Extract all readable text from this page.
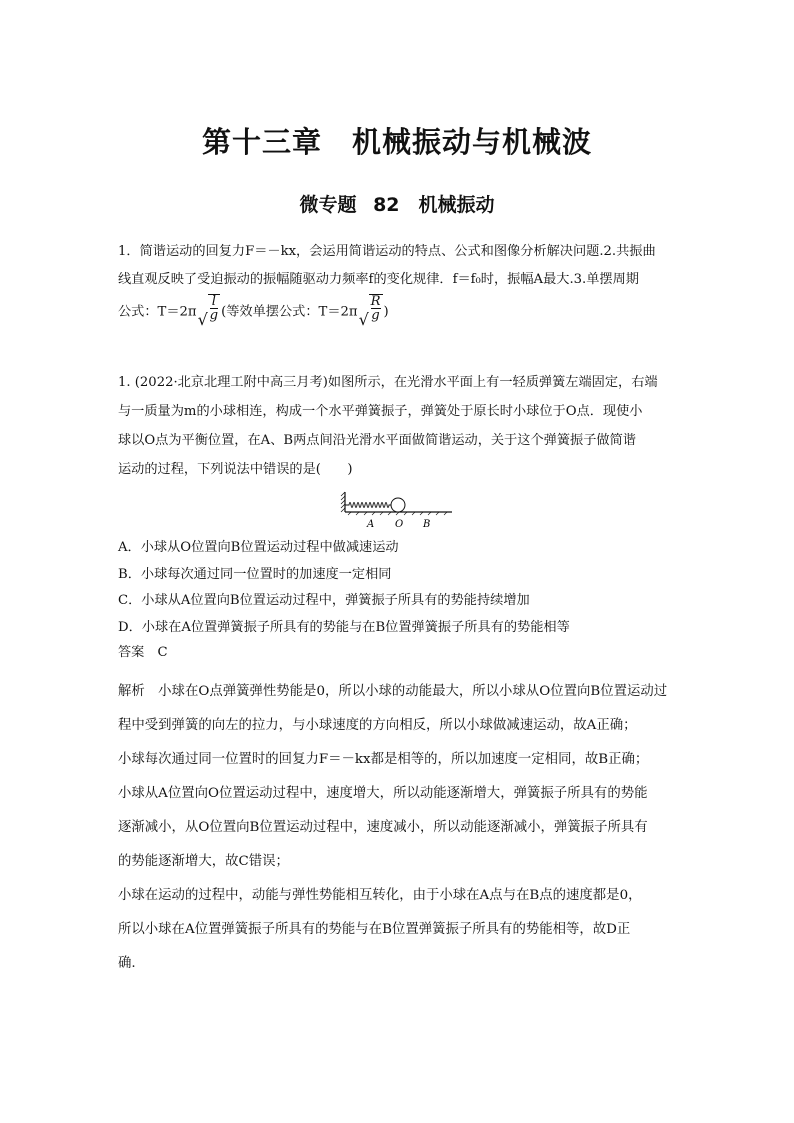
第十三章　机械振动与机械波
微专题 82　机械振动

1．简谐运动的回复力F＝－kx，会运用简谐运动的特点、公式和图像分析解决问题.2.共振曲

线直观反映了受迫振动的振幅随驱动力频率f的变化规律．f＝f₀时，振幅A最大.3.单摆周期

公式：T＝2π √ $\frac{l}{g}$ (等效单摆公式：T＝2π √ $\frac{R}{g}$ )

1. (2022·北京北理工附中高三月考)如图所示，在光滑水平面上有一轻质弹簧左端固定，右端

与一质量为m的小球相连，构成一个水平弹簧振子，弹簧处于原长时小球位于O点．现使小

球以O点为平衡位置，在A、B两点间沿光滑水平面做简谐运动，关于这个弹簧振子做简谐

运动的过程，下列说法中错误的是(　　)

A O B
A．小球从O位置向B位置运动过程中做减速运动
B．小球每次通过同一位置时的加速度一定相同
C．小球从A位置向B位置运动过程中，弹簧振子所具有的势能持续增加
D．小球在A位置弹簧振子所具有的势能与在B位置弹簧振子所具有的势能相等
答案　C

解析　小球在O点弹簧弹性势能是0，所以小球的动能最大，所以小球从O位置向B位置运动过

程中受到弹簧的向左的拉力，与小球速度的方向相反，所以小球做减速运动，故A正确；

小球每次通过同一位置时的回复力F＝－kx都是相等的，所以加速度一定相同，故B正确；

小球从A位置向O位置运动过程中，速度增大，所以动能逐渐增大，弹簧振子所具有的势能

逐渐减小，从O位置向B位置运动过程中，速度减小，所以动能逐渐减小，弹簧振子所具有

的势能逐渐增大，故C错误；

小球在运动的过程中，动能与弹性势能相互转化，由于小球在A点与在B点的速度都是0，

所以小球在A位置弹簧振子所具有的势能与在B位置弹簧振子所具有的势能相等，故D正

确.
